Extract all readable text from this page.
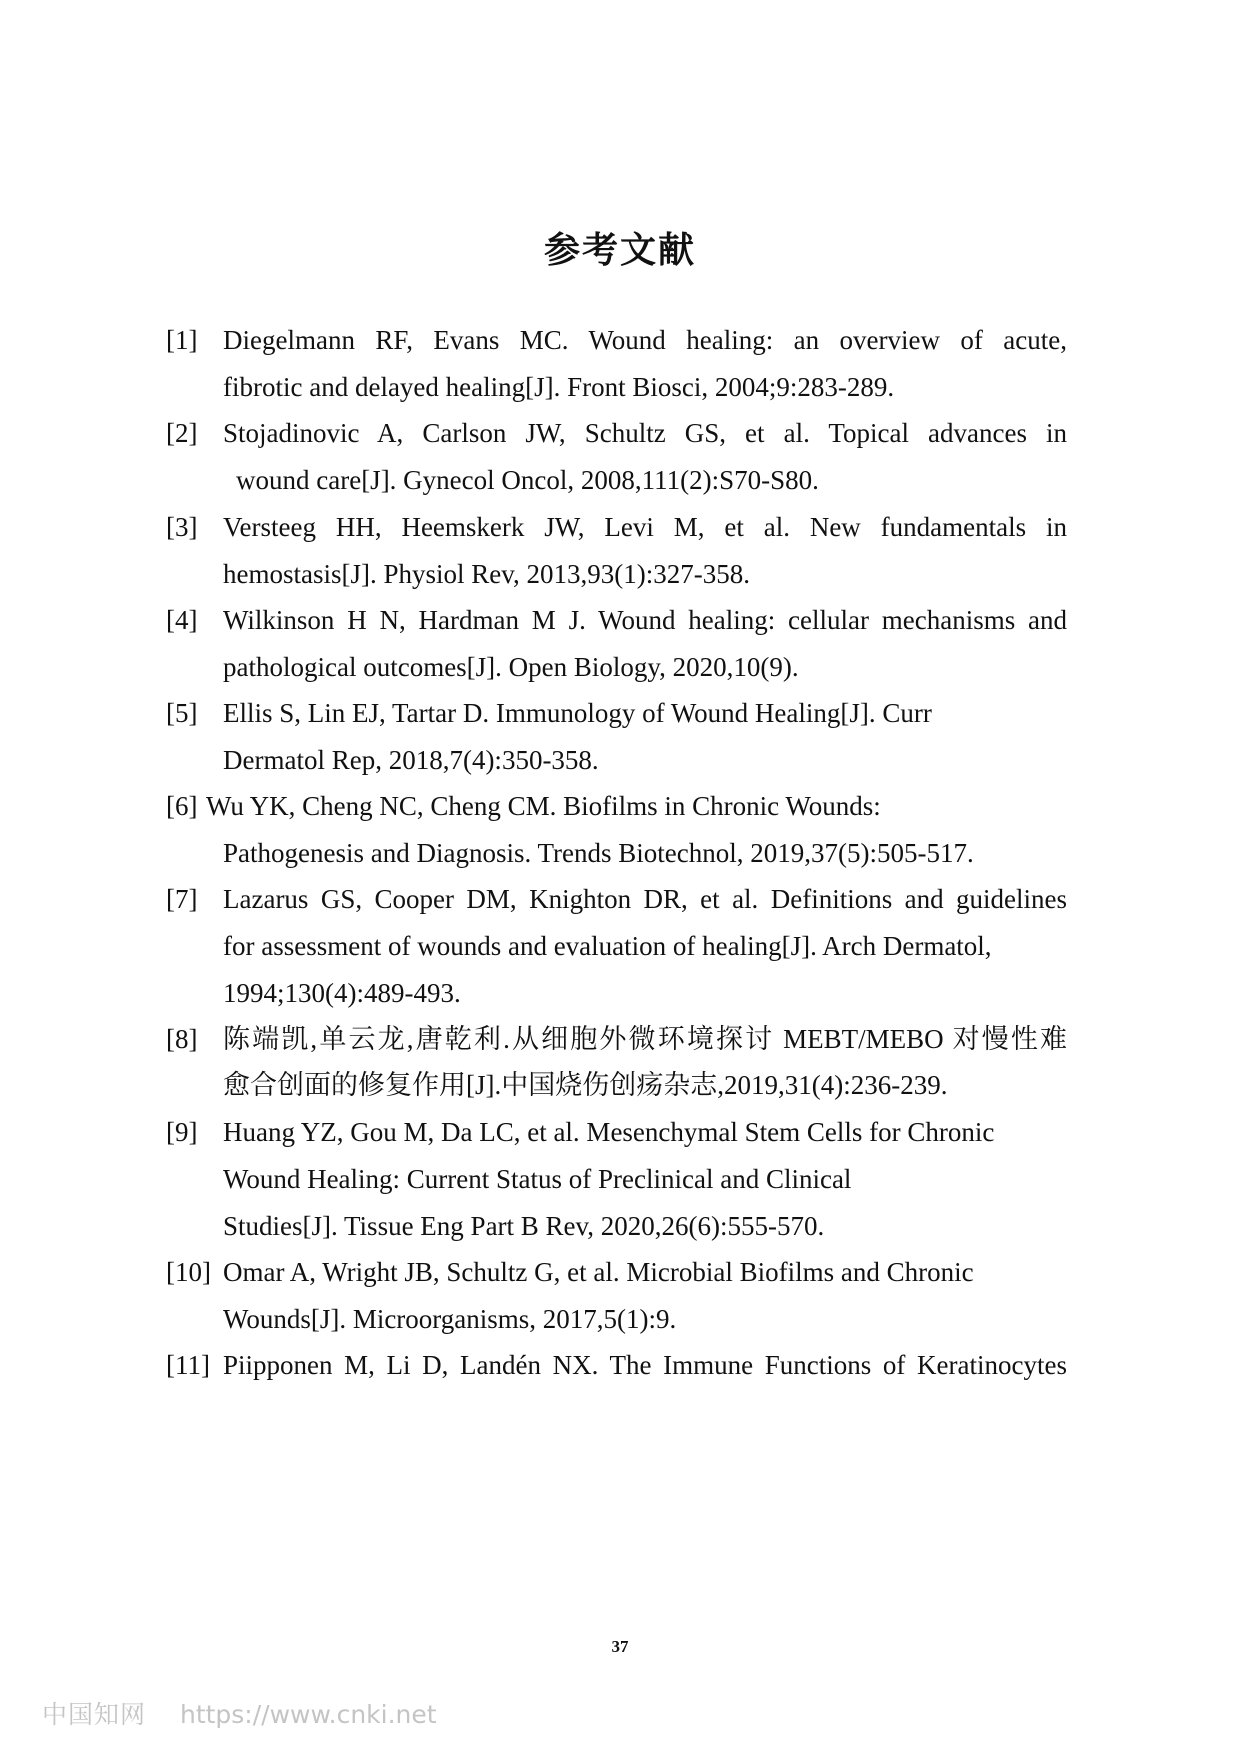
参考文献
[1] Diegelmann RF, Evans MC. Wound healing: an overview of acute,
fibrotic and delayed healing[J]. Front Biosci, 2004;9:283-289.
[2] Stojadinovic A, Carlson JW, Schultz GS, et al. Topical advances in
wound care[J]. Gynecol Oncol, 2008,111(2):S70-S80.
[3] Versteeg HH, Heemskerk JW, Levi M, et al. New fundamentals in
hemostasis[J]. Physiol Rev, 2013,93(1):327-358.
[4] Wilkinson H N, Hardman M J. Wound healing: cellular mechanisms and
pathological outcomes[J]. Open Biology, 2020,10(9).
[5] Ellis S, Lin EJ, Tartar D. Immunology of Wound Healing[J]. Curr
Dermatol Rep, 2018,7(4):350-358.
[6] Wu YK, Cheng NC, Cheng CM. Biofilms in Chronic Wounds:
Pathogenesis and Diagnosis. Trends Biotechnol, 2019,37(5):505-517.
[7] Lazarus GS, Cooper DM, Knighton DR, et al. Definitions and guidelines
for assessment of wounds and evaluation of healing[J]. Arch Dermatol,
1994;130(4):489-493.
[8] 陈端凯,单云龙,唐乾利.从细胞外微环境探讨 MEBT/MEBO 对慢性难
愈合创面的修复作用[J].中国烧伤创疡杂志,2019,31(4):236-239.
[9] Huang YZ, Gou M, Da LC, et al. Mesenchymal Stem Cells for Chronic
Wound Healing: Current Status of Preclinical and Clinical
Studies[J]. Tissue Eng Part B Rev, 2020,26(6):555-570.
[10] Omar A, Wright JB, Schultz G, et al. Microbial Biofilms and Chronic
Wounds[J]. Microorganisms, 2017,5(1):9.
[11] Piipponen M, Li D, Landén NX. The Immune Functions of Keratinocytes
37
中国知网 https://www.cnki.net
